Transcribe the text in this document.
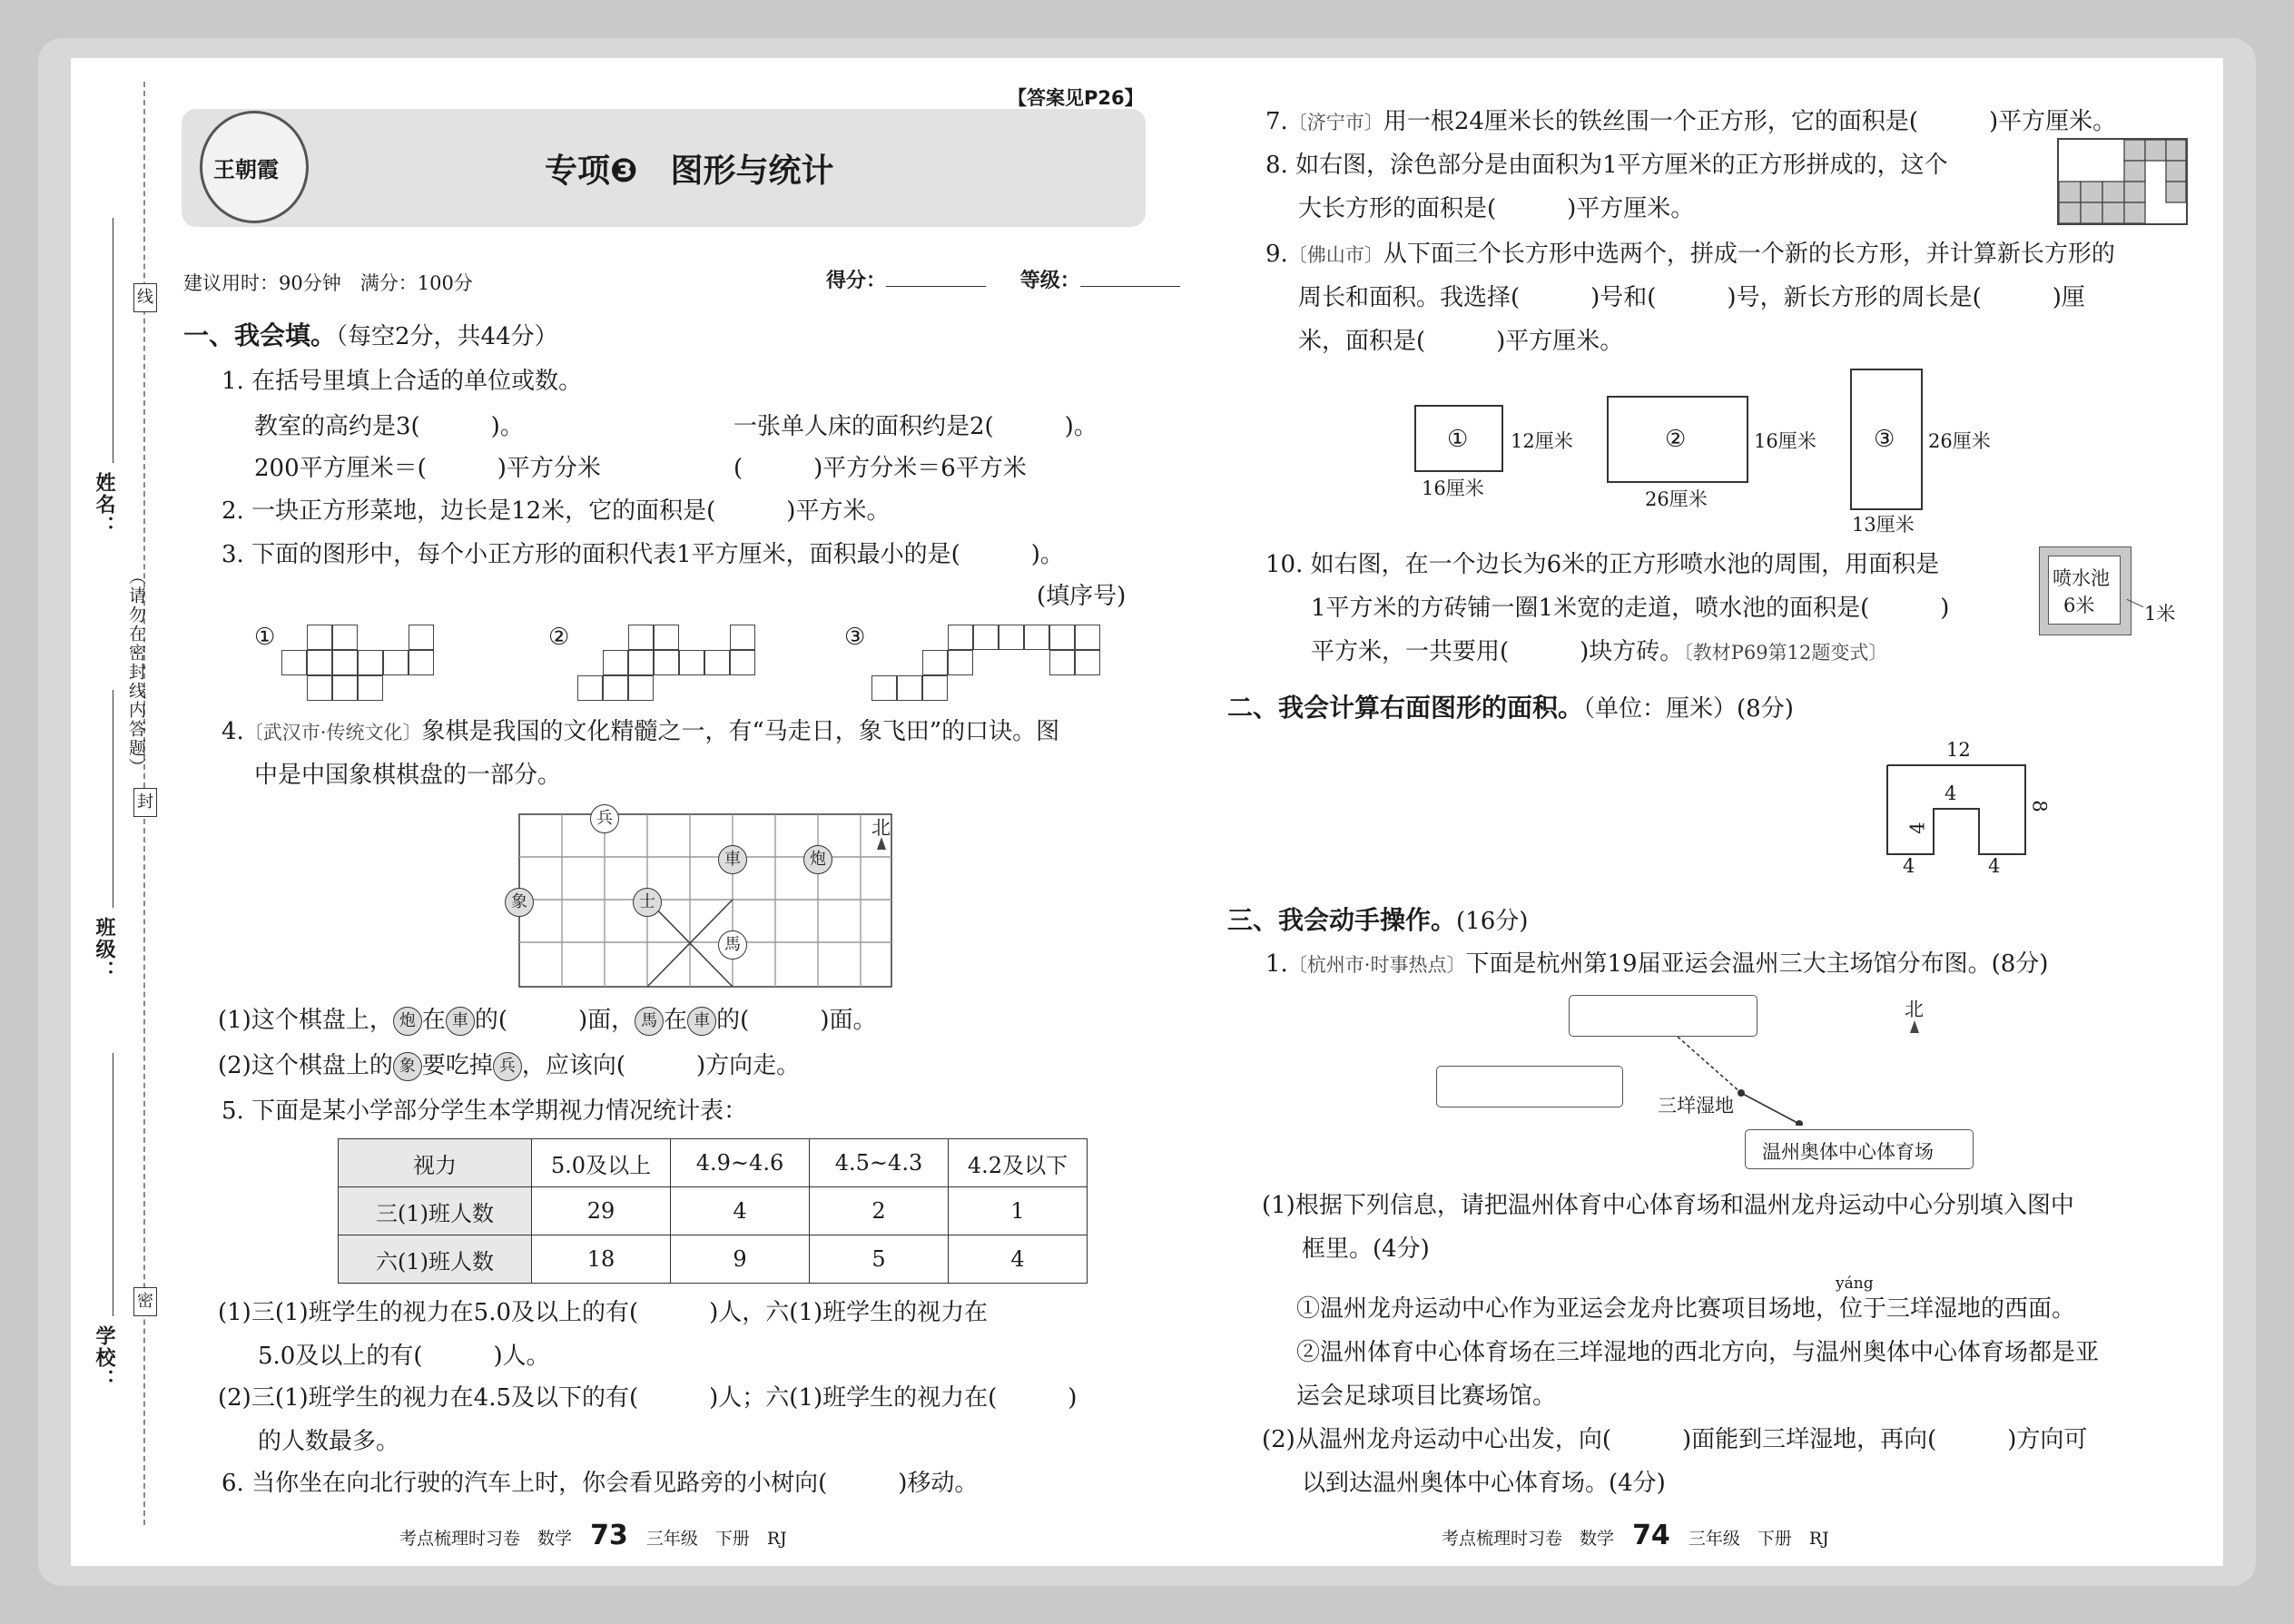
学校：
班级：
姓名：
（请勿在密封线内答题）
线
封
密
【答案见P26】
王朝霞	专项❸　图形与统计
建议用时：90分钟　满分：100分	得分：	等级：
一、我会填。（每空2分，共44分）
1. 在括号里填上合适的单位或数。
教室的高约是3(　　　)。	一张单人床的面积约是2(　　　)。
200平方厘米＝(　　　)平方分米	(　　　)平方分米＝6平方米
2. 一块正方形菜地，边长是12米，它的面积是(　　　)平方米。
3. 下面的图形中，每个小正方形的面积代表1平方厘米，面积最小的是(　　　)。
(填序号)
①	②	③
4.〔武汉市·传统文化〕象棋是我国的文化精髓之一，有“马走日，象飞田”的口诀。图
中是中国象棋棋盘的一部分。
兵
車	炮
象	士
馬
北
(1)这个棋盘上， 炮 在 車 的(　　　)面， 馬 在 車 的(　　　)面。
(2)这个棋盘上的 象 要吃掉 兵 ，应该向(　　　)方向走。
5. 下面是某小学部分学生本学期视力情况统计表：
视力	5.0及以上	4.9~4.6	4.5~4.3	4.2及以下
三(1)班人数	29	4	2	1
六(1)班人数	18	9	5	4
(1)三(1)班学生的视力在5.0及以上的有(　　　)人，六(1)班学生的视力在
5.0及以上的有(　　　)人。
(2)三(1)班学生的视力在4.5及以下的有(　　　)人；六(1)班学生的视力在(　　　)
的人数最多。
6. 当你坐在向北行驶的汽车上时，你会看见路旁的小树向(　　　)移动。
考点梳理时习卷　数学 73 三年级　下册　RJ
7.〔济宁市〕用一根24厘米长的铁丝围一个正方形，它的面积是(　　　)平方厘米。
8. 如右图，涂色部分是由面积为1平方厘米的正方形拼成的，这个
大长方形的面积是(　　　)平方厘米。
9.〔佛山市〕从下面三个长方形中选两个，拼成一个新的长方形，并计算新长方形的
周长和面积。我选择(　　　)号和(　　　)号，新长方形的周长是(　　　)厘
米，面积是(　　　)平方厘米。
① 12厘米
16厘米
②	16厘米
26厘米
③ 26厘米
13厘米
10. 如右图，在一个边长为6米的正方形喷水池的周围，用面积是
1平方米的方砖铺一圈1米宽的走道，喷水池的面积是(　　　)
平方米，一共要用(　　　)块方砖。〔教材P69第12题变式〕
喷水池
6米	1米
二、我会计算右面图形的面积。（单位：厘米）(8分)
12
4
8
4
4	4
三、我会动手操作。(16分)
1.〔杭州市·时事热点〕下面是杭州第19届亚运会温州三大主场馆分布图。(8分)
三垟湿地
温州奥体中心体育场
北
(1)根据下列信息，请把温州体育中心体育场和温州龙舟运动中心分别填入图中
框里。(4分)
yáng
①温州龙舟运动中心作为亚运会龙舟比赛项目场地，位于三垟湿地的西面。
②温州体育中心体育场在三垟湿地的西北方向，与温州奥体中心体育场都是亚
运会足球项目比赛场馆。
(2)从温州龙舟运动中心出发，向(　　　)面能到三垟湿地，再向(　　　)方向可
以到达温州奥体中心体育场。(4分)
考点梳理时习卷　数学 74 三年级　下册　RJ
